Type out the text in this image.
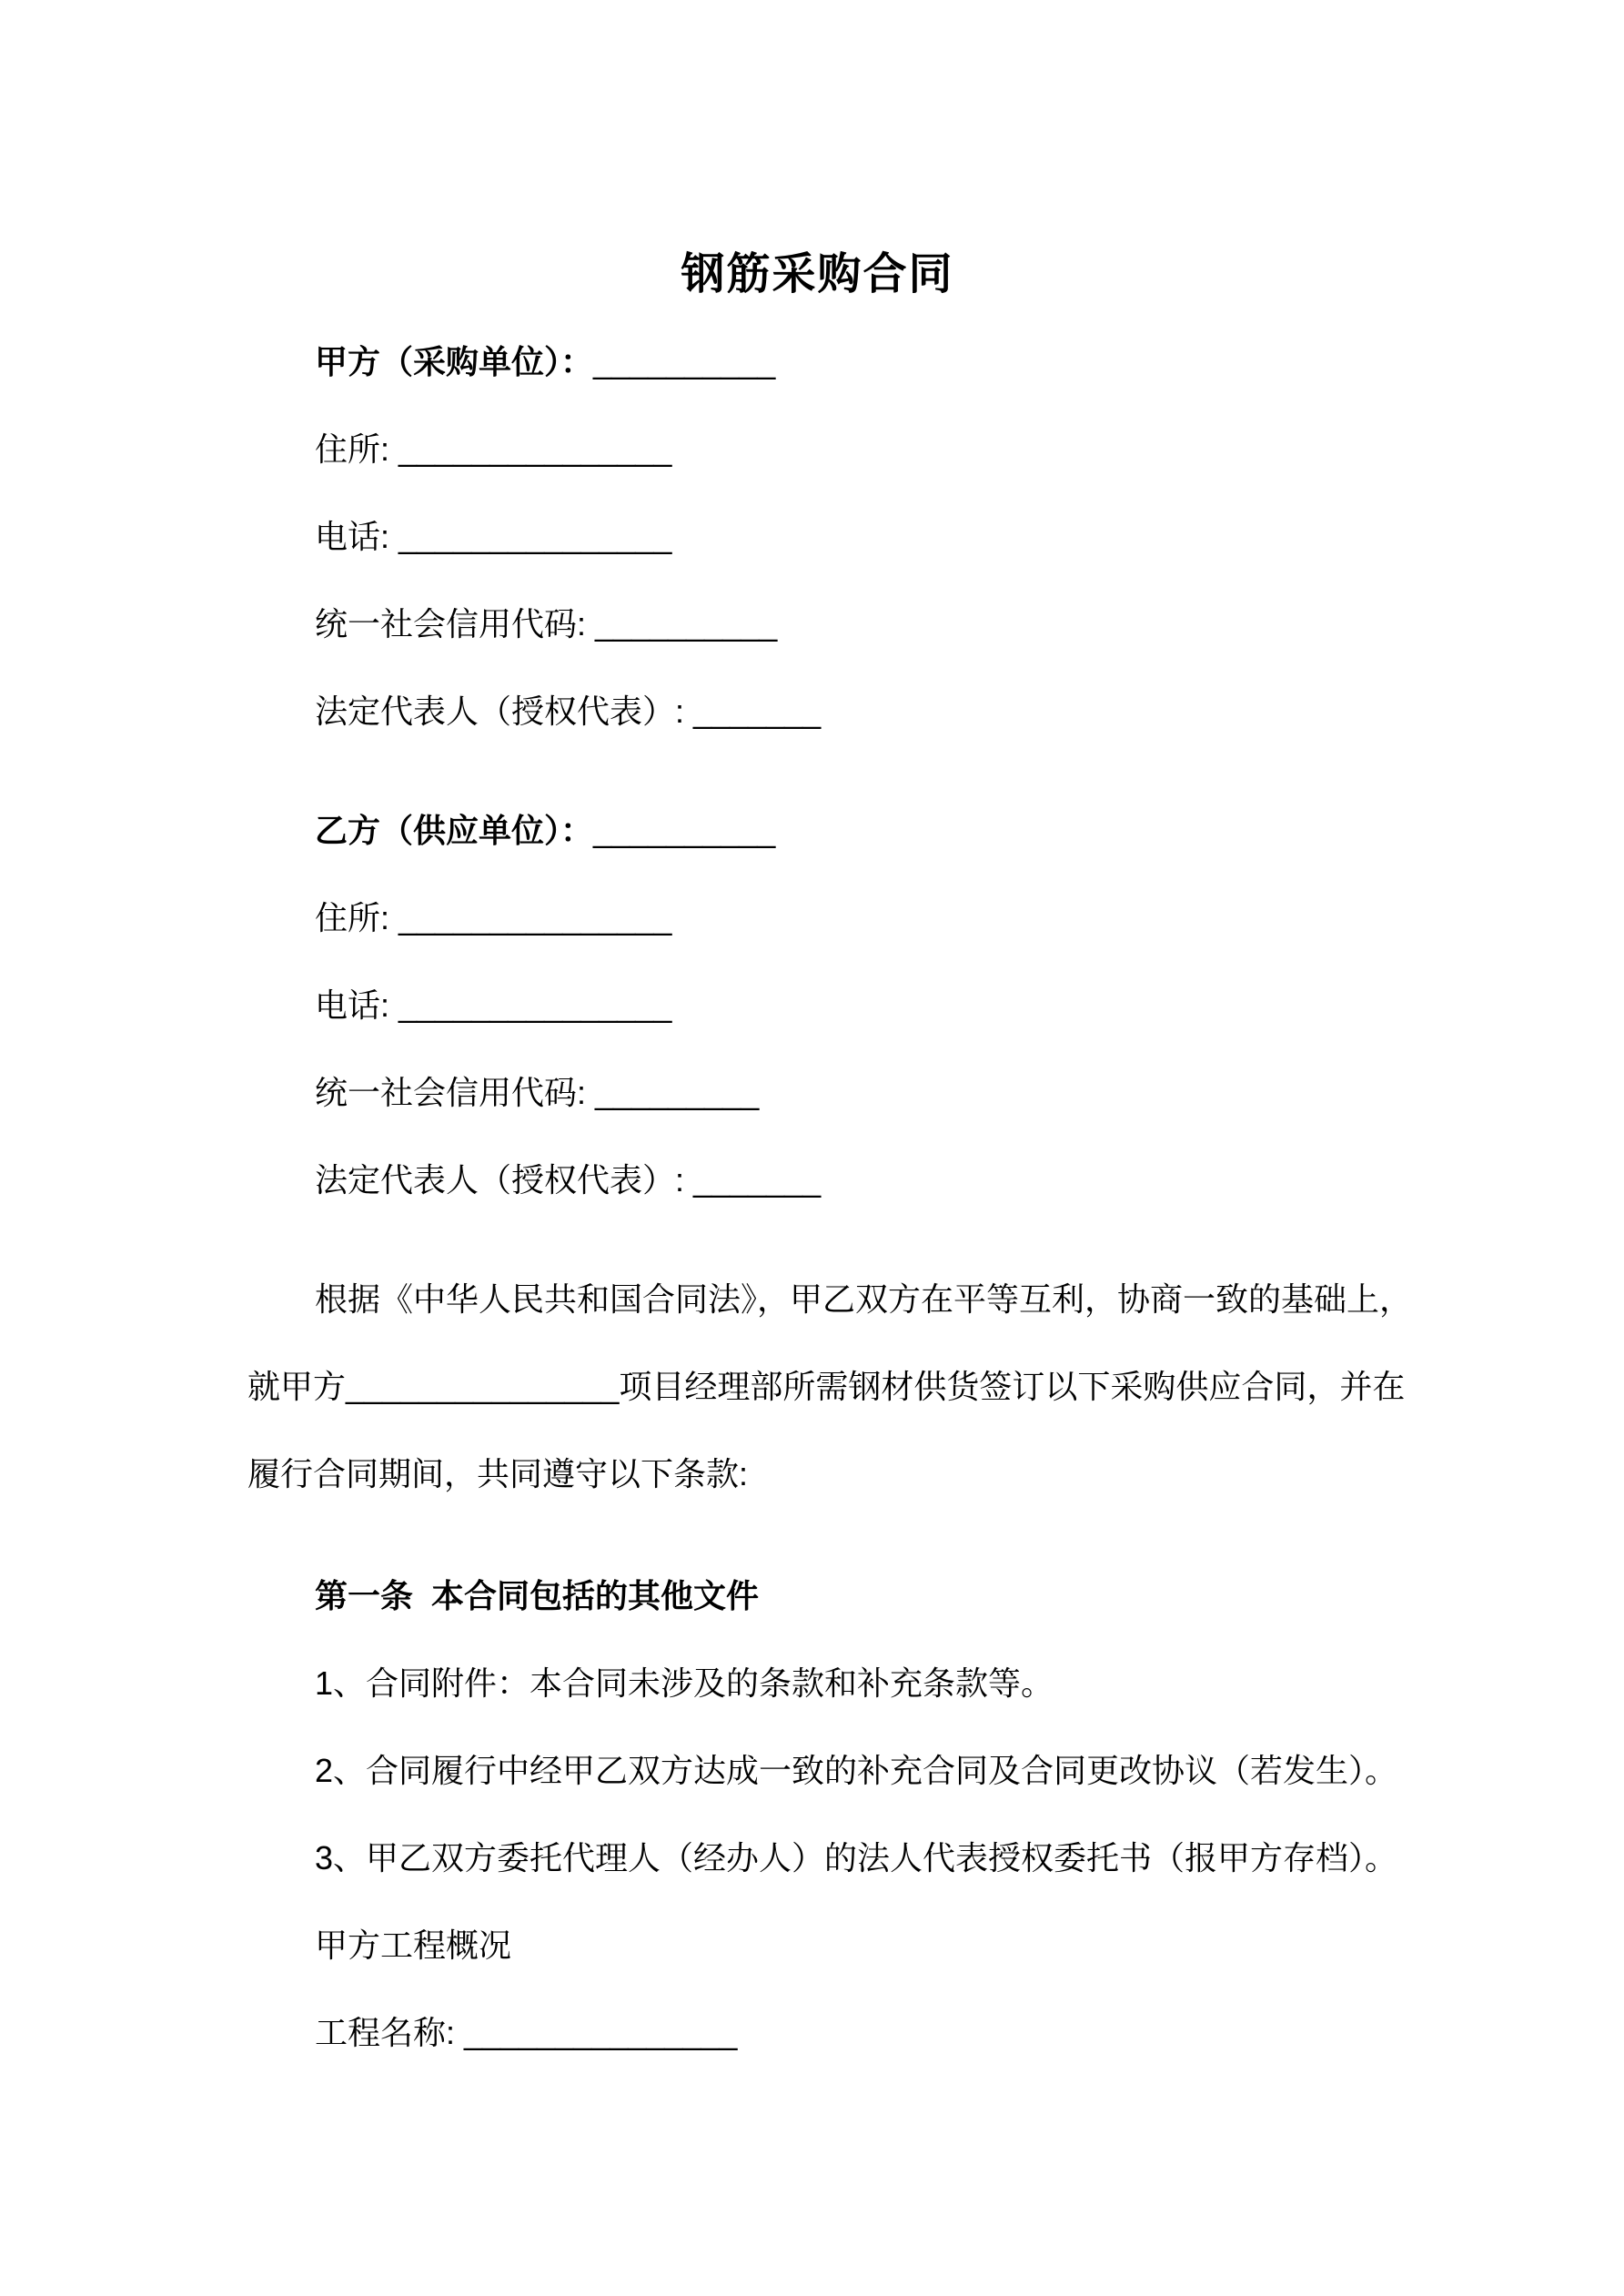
钢筋采购合同

甲方（采购单位）：__________

住所: _______________

电话: _______________

统一社会信用代码: __________

法定代表人（授权代表）: _______

乙方（供应单位）：__________

住所: _______________

电话: _______________

统一社会信用代码: _________

法定代表人（授权代表）: _______

根据《中华人民共和国合同法》，甲乙双方在平等互利，协商一致的基础上，

就甲方_______________项目经理部所需钢材供货签订以下采购供应合同，并在

履行合同期间，共同遵守以下条款:

第一条  本合同包括的其他文件

1、合同附件：本合同未涉及的条款和补充条款等。

2、合同履行中经甲乙双方达成一致的补充合同及合同更改协议（若发生）。

3、甲乙双方委托代理人（经办人）的法人代表授权委托书（报甲方存档）。

甲方工程概况

工程名称: _______________
